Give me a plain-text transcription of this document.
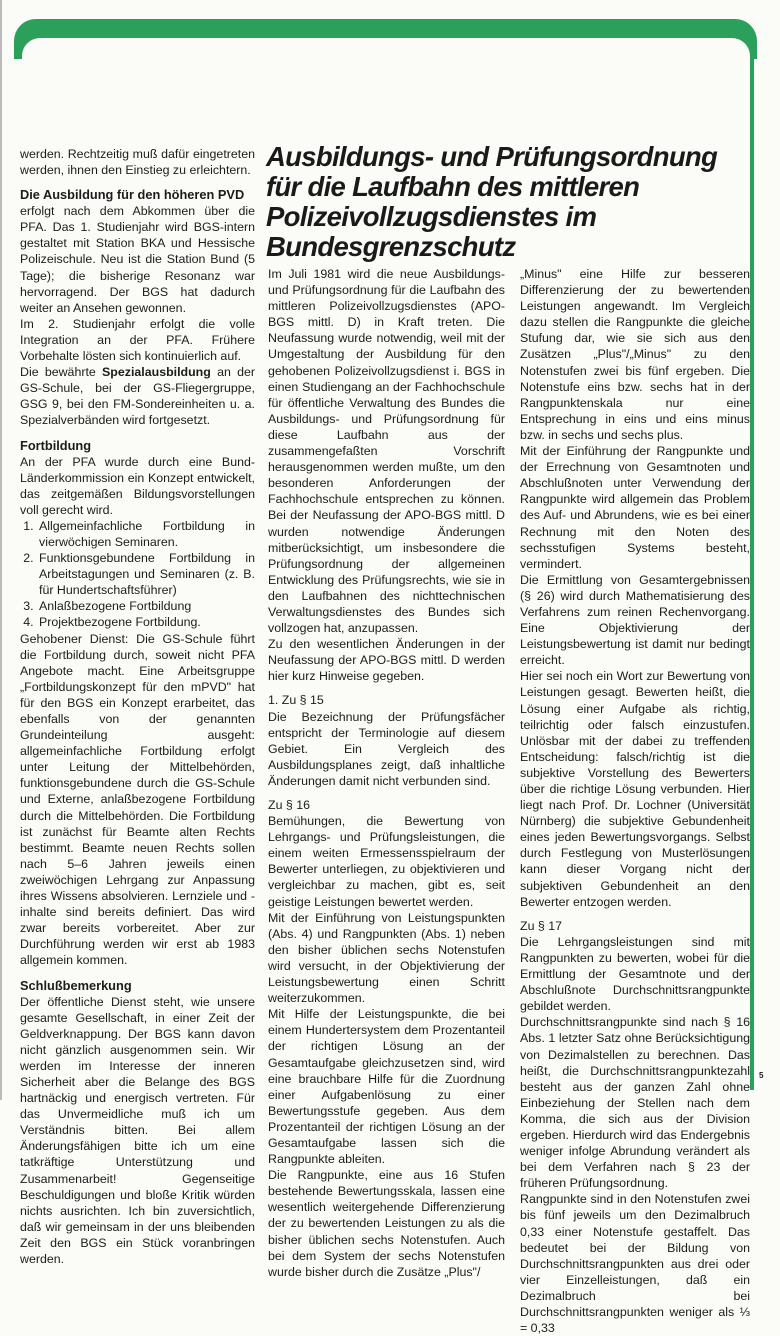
werden. Rechtzeitig muß dafür eingetreten werden, ihnen den Einstieg zu erleichtern.

Die Ausbildung für den höheren PVD

erfolgt nach dem Abkommen über die PFA. Das 1. Studienjahr wird BGS-intern gestaltet mit Station BKA und Hessische Polizeischule. Neu ist die Station Bund (5 Tage); die bisherige Resonanz war hervorragend. Der BGS hat dadurch weiter an Ansehen gewonnen.

Im 2. Studienjahr erfolgt die volle Integration an der PFA. Frühere Vorbehalte lösten sich kontinuierlich auf.

Die bewährte Spezialausbildung an der GS-Schule, bei der GS-Fliegergruppe, GSG 9, bei den FM-Sondereinheiten u. a. Spezialverbänden wird fortgesetzt.

Fortbildung

An der PFA wurde durch eine Bund-Länderkommission ein Konzept entwickelt, das zeitgemäßen Bildungsvorstellungen voll gerecht wird.

1. Allgemeinfachliche Fortbildung in vierwöchigen Seminaren.
2. Funktionsgebundene Fortbildung in Arbeitstagungen und Seminaren (z. B. für Hundertschaftsführer)
3. Anlaßbezogene Fortbildung
4. Projektbezogene Fortbildung.

Gehobener Dienst: Die GS-Schule führt die Fortbildung durch, soweit nicht PFA Angebote macht. Eine Arbeitsgruppe „Fortbildungskonzept für den mPVD" hat für den BGS ein Konzept erarbeitet, das ebenfalls von der genannten Grundeinteilung ausgeht: allgemeinfachliche Fortbildung erfolgt unter Leitung der Mittelbehörden, funktionsgebundene durch die GS-Schule und Externe, anlaßbezogene Fortbildung durch die Mittelbehörden. Die Fortbildung ist zunächst für Beamte alten Rechts bestimmt. Beamte neuen Rechts sollen nach 5–6 Jahren jeweils einen zweiwöchigen Lehrgang zur Anpassung ihres Wissens absolvieren. Lernziele und -inhalte sind bereits definiert. Das wird zwar bereits vorbereitet. Aber zur Durchführung werden wir erst ab 1983 allgemein kommen.

Schlußbemerkung

Der öffentliche Dienst steht, wie unsere gesamte Gesellschaft, in einer Zeit der Geldverknappung. Der BGS kann davon nicht gänzlich ausgenommen sein. Wir werden im Interesse der inneren Sicherheit aber die Belange des BGS hartnäckig und energisch vertreten. Für das Unvermeidliche muß ich um Verständnis bitten. Bei allem Änderungsfähigen bitte ich um eine tatkräftige Unterstützung und Zusammenarbeit! Gegenseitige Beschuldigungen und bloße Kritik würden nichts ausrichten. Ich bin zuversichtlich, daß wir gemeinsam in der uns bleibenden Zeit den BGS ein Stück voranbringen werden.

Ausbildungs- und Prüfungsordnung für die Laufbahn des mittleren Polizeivollzugsdienstes im Bundesgrenzschutz

Im Juli 1981 wird die neue Ausbildungs- und Prüfungsordnung für die Laufbahn des mittleren Polizeivollzugsdienstes (APO-BGS mittl. D) in Kraft treten. Die Neufassung wurde notwendig, weil mit der Umgestaltung der Ausbildung für den gehobenen Polizeivollzugsdienst i. BGS in einen Studiengang an der Fachhochschule für öffentliche Verwaltung des Bundes die Ausbildungs- und Prüfungsordnung für diese Laufbahn aus der zusammengefaßten Vorschrift herausgenommen werden mußte, um den besonderen Anforderungen der Fachhochschule entsprechen zu können. Bei der Neufassung der APO-BGS mittl. D wurden notwendige Änderungen mitberücksichtigt, um insbesondere die Prüfungsordnung der allgemeinen Entwicklung des Prüfungsrechts, wie sie in den Laufbahnen des nichttechnischen Verwaltungsdienstes des Bundes sich vollzogen hat, anzupassen.

Zu den wesentlichen Änderungen in der Neufassung der APO-BGS mittl. D werden hier kurz Hinweise gegeben.

1. Zu § 15

Die Bezeichnung der Prüfungsfächer entspricht der Terminologie auf diesem Gebiet. Ein Vergleich des Ausbildungsplanes zeigt, daß inhaltliche Änderungen damit nicht verbunden sind.

Zu § 16

Bemühungen, die Bewertung von Lehrgangs- und Prüfungsleistungen, die einem weiten Ermessensspielraum der Bewerter unterliegen, zu objektivieren und vergleichbar zu machen, gibt es, seit geistige Leistungen bewertet werden.

Mit der Einführung von Leistungspunkten (Abs. 4) und Rangpunkten (Abs. 1) neben den bisher üblichen sechs Notenstufen wird versucht, in der Objektivierung der Leistungsbewertung einen Schritt weiterzukommen.

Mit Hilfe der Leistungspunkte, die bei einem Hundertersystem dem Prozentanteil der richtigen Lösung an der Gesamtaufgabe gleichzusetzen sind, wird eine brauchbare Hilfe für die Zuordnung einer Aufgabenlösung zu einer Bewertungsstufe gegeben. Aus dem Prozentanteil der richtigen Lösung an der Gesamtaufgabe lassen sich die Rangpunkte ableiten.

Die Rangpunkte, eine aus 16 Stufen bestehende Bewertungsskala, lassen eine wesentlich weitergehende Differenzierung der zu bewertenden Leistungen zu als die bisher üblichen sechs Notenstufen. Auch bei dem System der sechs Notenstufen wurde bisher durch die Zusätze „Plus"/

„Minus" eine Hilfe zur besseren Differenzierung der zu bewertenden Leistungen angewandt. Im Vergleich dazu stellen die Rangpunkte die gleiche Stufung dar, wie sie sich aus den Zusätzen „Plus"/„Minus" zu den Notenstufen zwei bis fünf ergeben. Die Notenstufe eins bzw. sechs hat in der Rangpunktenskala nur eine Entsprechung in eins und eins minus bzw. in sechs und sechs plus.

Mit der Einführung der Rangpunkte und der Errechnung von Gesamtnoten und Abschlußnoten unter Verwendung der Rangpunkte wird allgemein das Problem des Auf- und Abrundens, wie es bei einer Rechnung mit den Noten des sechsstufigen Systems besteht, vermindert.

Die Ermittlung von Gesamtergebnissen (§ 26) wird durch Mathematisierung des Verfahrens zum reinen Rechenvorgang. Eine Objektivierung der Leistungsbewertung ist damit nur bedingt erreicht.

Hier sei noch ein Wort zur Bewertung von Leistungen gesagt. Bewerten heißt, die Lösung einer Aufgabe als richtig, teilrichtig oder falsch einzustufen. Unlösbar mit der dabei zu treffenden Entscheidung: falsch/richtig ist die subjektive Vorstellung des Bewerters über die richtige Lösung verbunden. Hier liegt nach Prof. Dr. Lochner (Universität Nürnberg) die subjektive Gebundenheit eines jeden Bewertungsvorgangs. Selbst durch Festlegung von Musterlösungen kann dieser Vorgang nicht der subjektiven Gebundenheit an den Bewerter entzogen werden.

Zu § 17

Die Lehrgangsleistungen sind mit Rangpunkten zu bewerten, wobei für die Ermittlung der Gesamtnote und der Abschlußnote Durchschnittsrangpunkte gebildet werden.

Durchschnittsrangpunkte sind nach § 16 Abs. 1 letzter Satz ohne Berücksichtigung von Dezimalstellen zu berechnen. Das heißt, die Durchschnittsrangpunktezahl besteht aus der ganzen Zahl ohne Einbeziehung der Stellen nach dem Komma, die sich aus der Division ergeben. Hierdurch wird das Endergebnis weniger infolge Abrundung verändert als bei dem Verfahren nach § 23 der früheren Prüfungsordnung.

Rangpunkte sind in den Notenstufen zwei bis fünf jeweils um den Dezimalbruch 0,33 einer Notenstufe gestaffelt. Das bedeutet bei der Bildung von Durchschnittsrangpunkten aus drei oder vier Einzelleistungen, daß ein Dezimalbruch bei Durchschnittsrangpunkten weniger als ⅓ = 0,33

5
